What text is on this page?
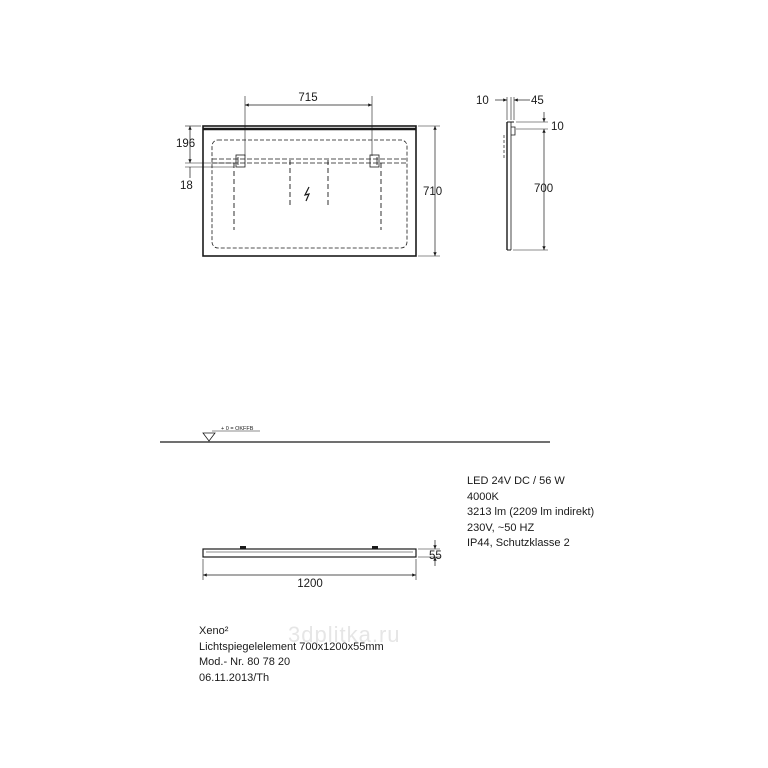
715
710
196
18
10	45
10
700
+ 0 = OKFFB
55
1200
LED 24V DC / 56 W
4000K
3213 lm (2209 lm indirekt)
230V, ~50 HZ
IP44, Schutzklasse 2
3dplitka.ru
Xeno²
Lichtspiegelelement 700x1200x55mm
Mod.- Nr. 80 78 20
06.11.2013/Th
